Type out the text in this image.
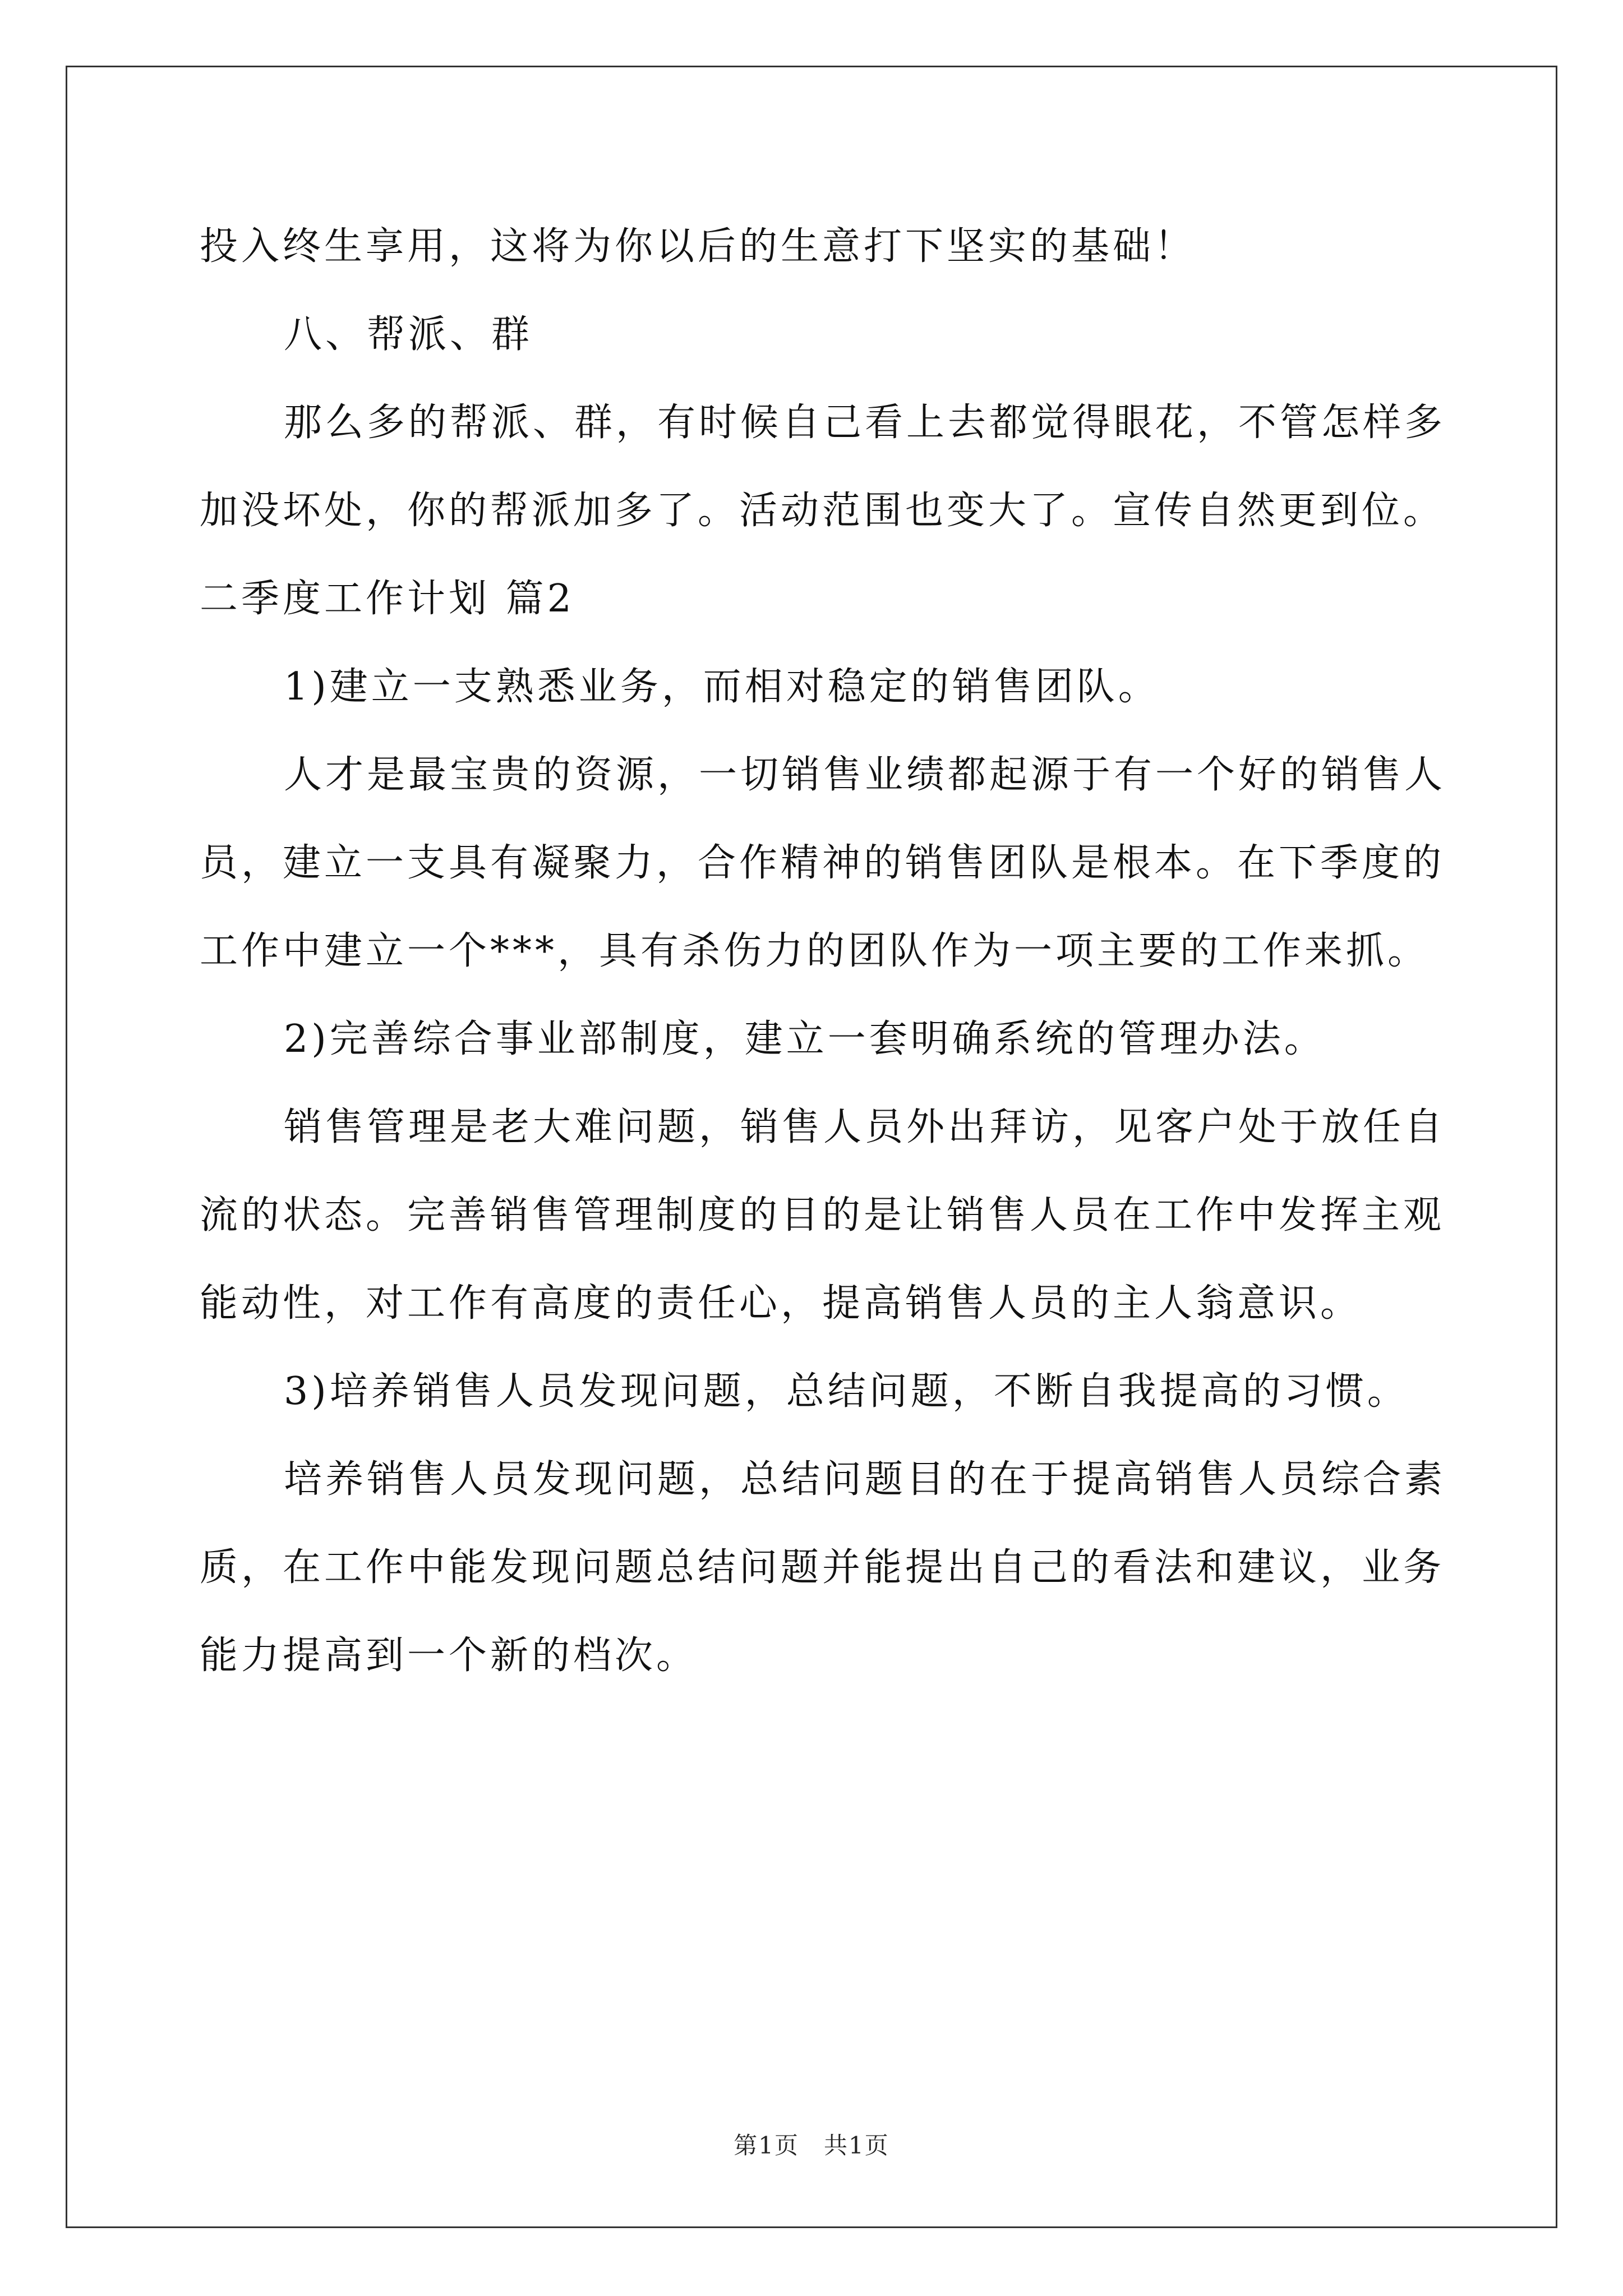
投入终生享用，这将为你以后的生意打下坚实的基础！
八、帮派、群
那么多的帮派、群，有时候自己看上去都觉得眼花，不管怎样多
加没坏处，你的帮派加多了。活动范围也变大了。宣传自然更到位。
二季度工作计划 篇2
1)建立一支熟悉业务，而相对稳定的销售团队。
人才是最宝贵的资源，一切销售业绩都起源于有一个好的销售人
员，建立一支具有凝聚力，合作精神的销售团队是根本。在下季度的
工作中建立一个***，具有杀伤力的团队作为一项主要的工作来抓。
2)完善综合事业部制度，建立一套明确系统的管理办法。
销售管理是老大难问题，销售人员外出拜访，见客户处于放任自
流的状态。完善销售管理制度的目的是让销售人员在工作中发挥主观
能动性，对工作有高度的责任心，提高销售人员的主人翁意识。
3)培养销售人员发现问题，总结问题，不断自我提高的习惯。
培养销售人员发现问题，总结问题目的在于提高销售人员综合素
质，在工作中能发现问题总结问题并能提出自己的看法和建议，业务
能力提高到一个新的档次。
第1页　共1页
